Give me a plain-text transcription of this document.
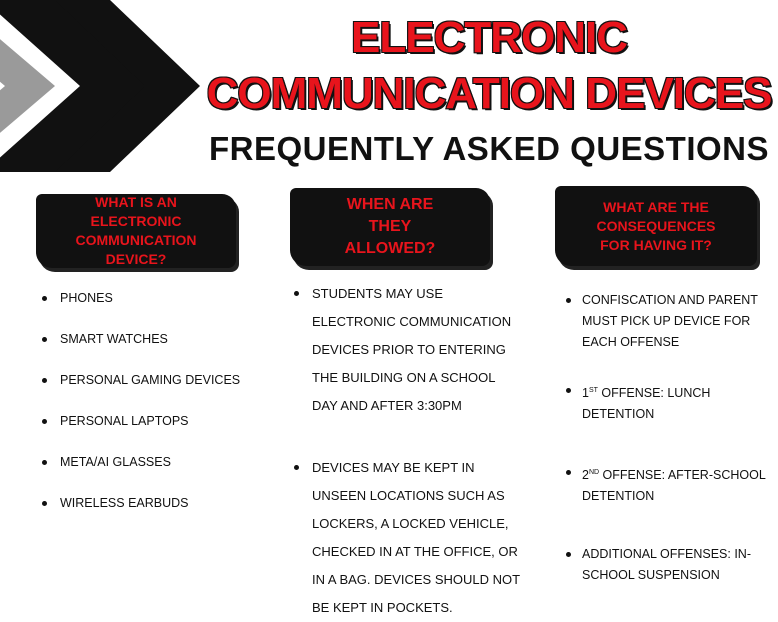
ELECTRONIC
COMMUNICATION DEVICES
FREQUENTLY ASKED QUESTIONS
WHAT IS AN ELECTRONIC COMMUNICATION DEVICE?
WHEN ARE THEY ALLOWED?
WHAT ARE THE CONSEQUENCES FOR HAVING IT?
PHONES
SMART WATCHES
PERSONAL GAMING DEVICES
PERSONAL LAPTOPS
META/AI GLASSES
WIRELESS EARBUDS
STUDENTS MAY USE ELECTRONIC COMMUNICATION DEVICES PRIOR TO ENTERING THE BUILDING ON A SCHOOL DAY AND AFTER 3:30PM
DEVICES MAY BE KEPT IN UNSEEN LOCATIONS SUCH AS LOCKERS, A LOCKED VEHICLE, CHECKED IN AT THE OFFICE, OR IN A BAG. DEVICES SHOULD NOT BE KEPT IN POCKETS.
CONFISCATION AND PARENT MUST PICK UP DEVICE FOR EACH OFFENSE
1ST OFFENSE: LUNCH DETENTION
2ND OFFENSE: AFTER-SCHOOL DETENTION
ADDITIONAL OFFENSES: IN-SCHOOL SUSPENSION
